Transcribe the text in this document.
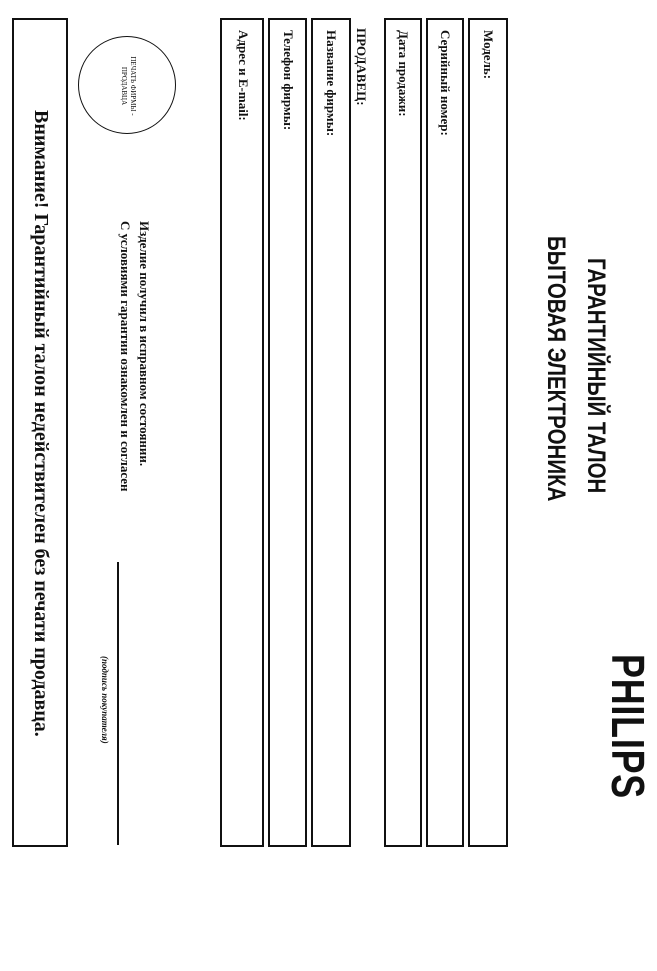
PHILIPS
ГАРАНТИЙНЫЙ ТАЛОН
БЫТОВАЯ ЭЛЕКТРОНИКА
Модель:
Серийный номер:
Дата продажи:
ПРОДАВЕЦ:
Название фирмы:
Телефон фирмы:
Адрес и E-mail:
ПЕЧАТЬ ФИРМЫ - ПРОДАВЦА
Изделие получил в исправном состоянии.
С условиями гарантии ознакомлен и согласен
(подпись покупателя)
Внимание! Гарантийный талон недействителен без печати продавца.
